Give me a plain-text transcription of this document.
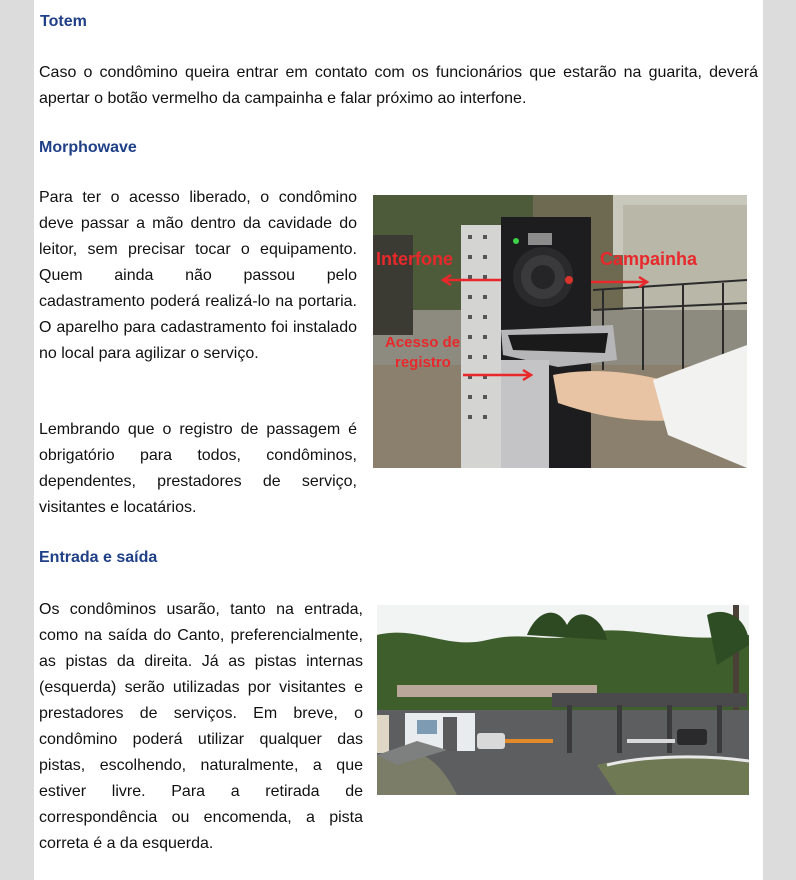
Totem

Caso o condômino queira entrar em contato com os funcionários que estarão na guarita, deverá apertar o botão vermelho da campainha e falar próximo ao interfone.

Morphowave

Para ter o acesso liberado, o condômino deve passar a mão dentro da cavidade do leitor, sem precisar tocar o equipamento. Quem ainda não passou pelo cadastramento poderá realizá-lo na portaria. O aparelho para cadastramento foi instalado no local para agilizar o serviço.

Lembrando que o registro de passagem é obrigatório para todos, condôminos, dependentes, prestadores de serviço, visitantes e locatários.

Interfone	Campainha
Acesso de
registro
Entrada e saída

Os condôminos usarão, tanto na entrada, como na saída do Canto, preferencialmente, as pistas da direita. Já as pistas internas (esquerda) serão utilizadas por visitantes e prestadores de serviços. Em breve, o condômino poderá utilizar qualquer das pistas, escolhendo, naturalmente, a que estiver livre. Para a retirada de correspondência ou encomenda, a pista correta é a da esquerda.
